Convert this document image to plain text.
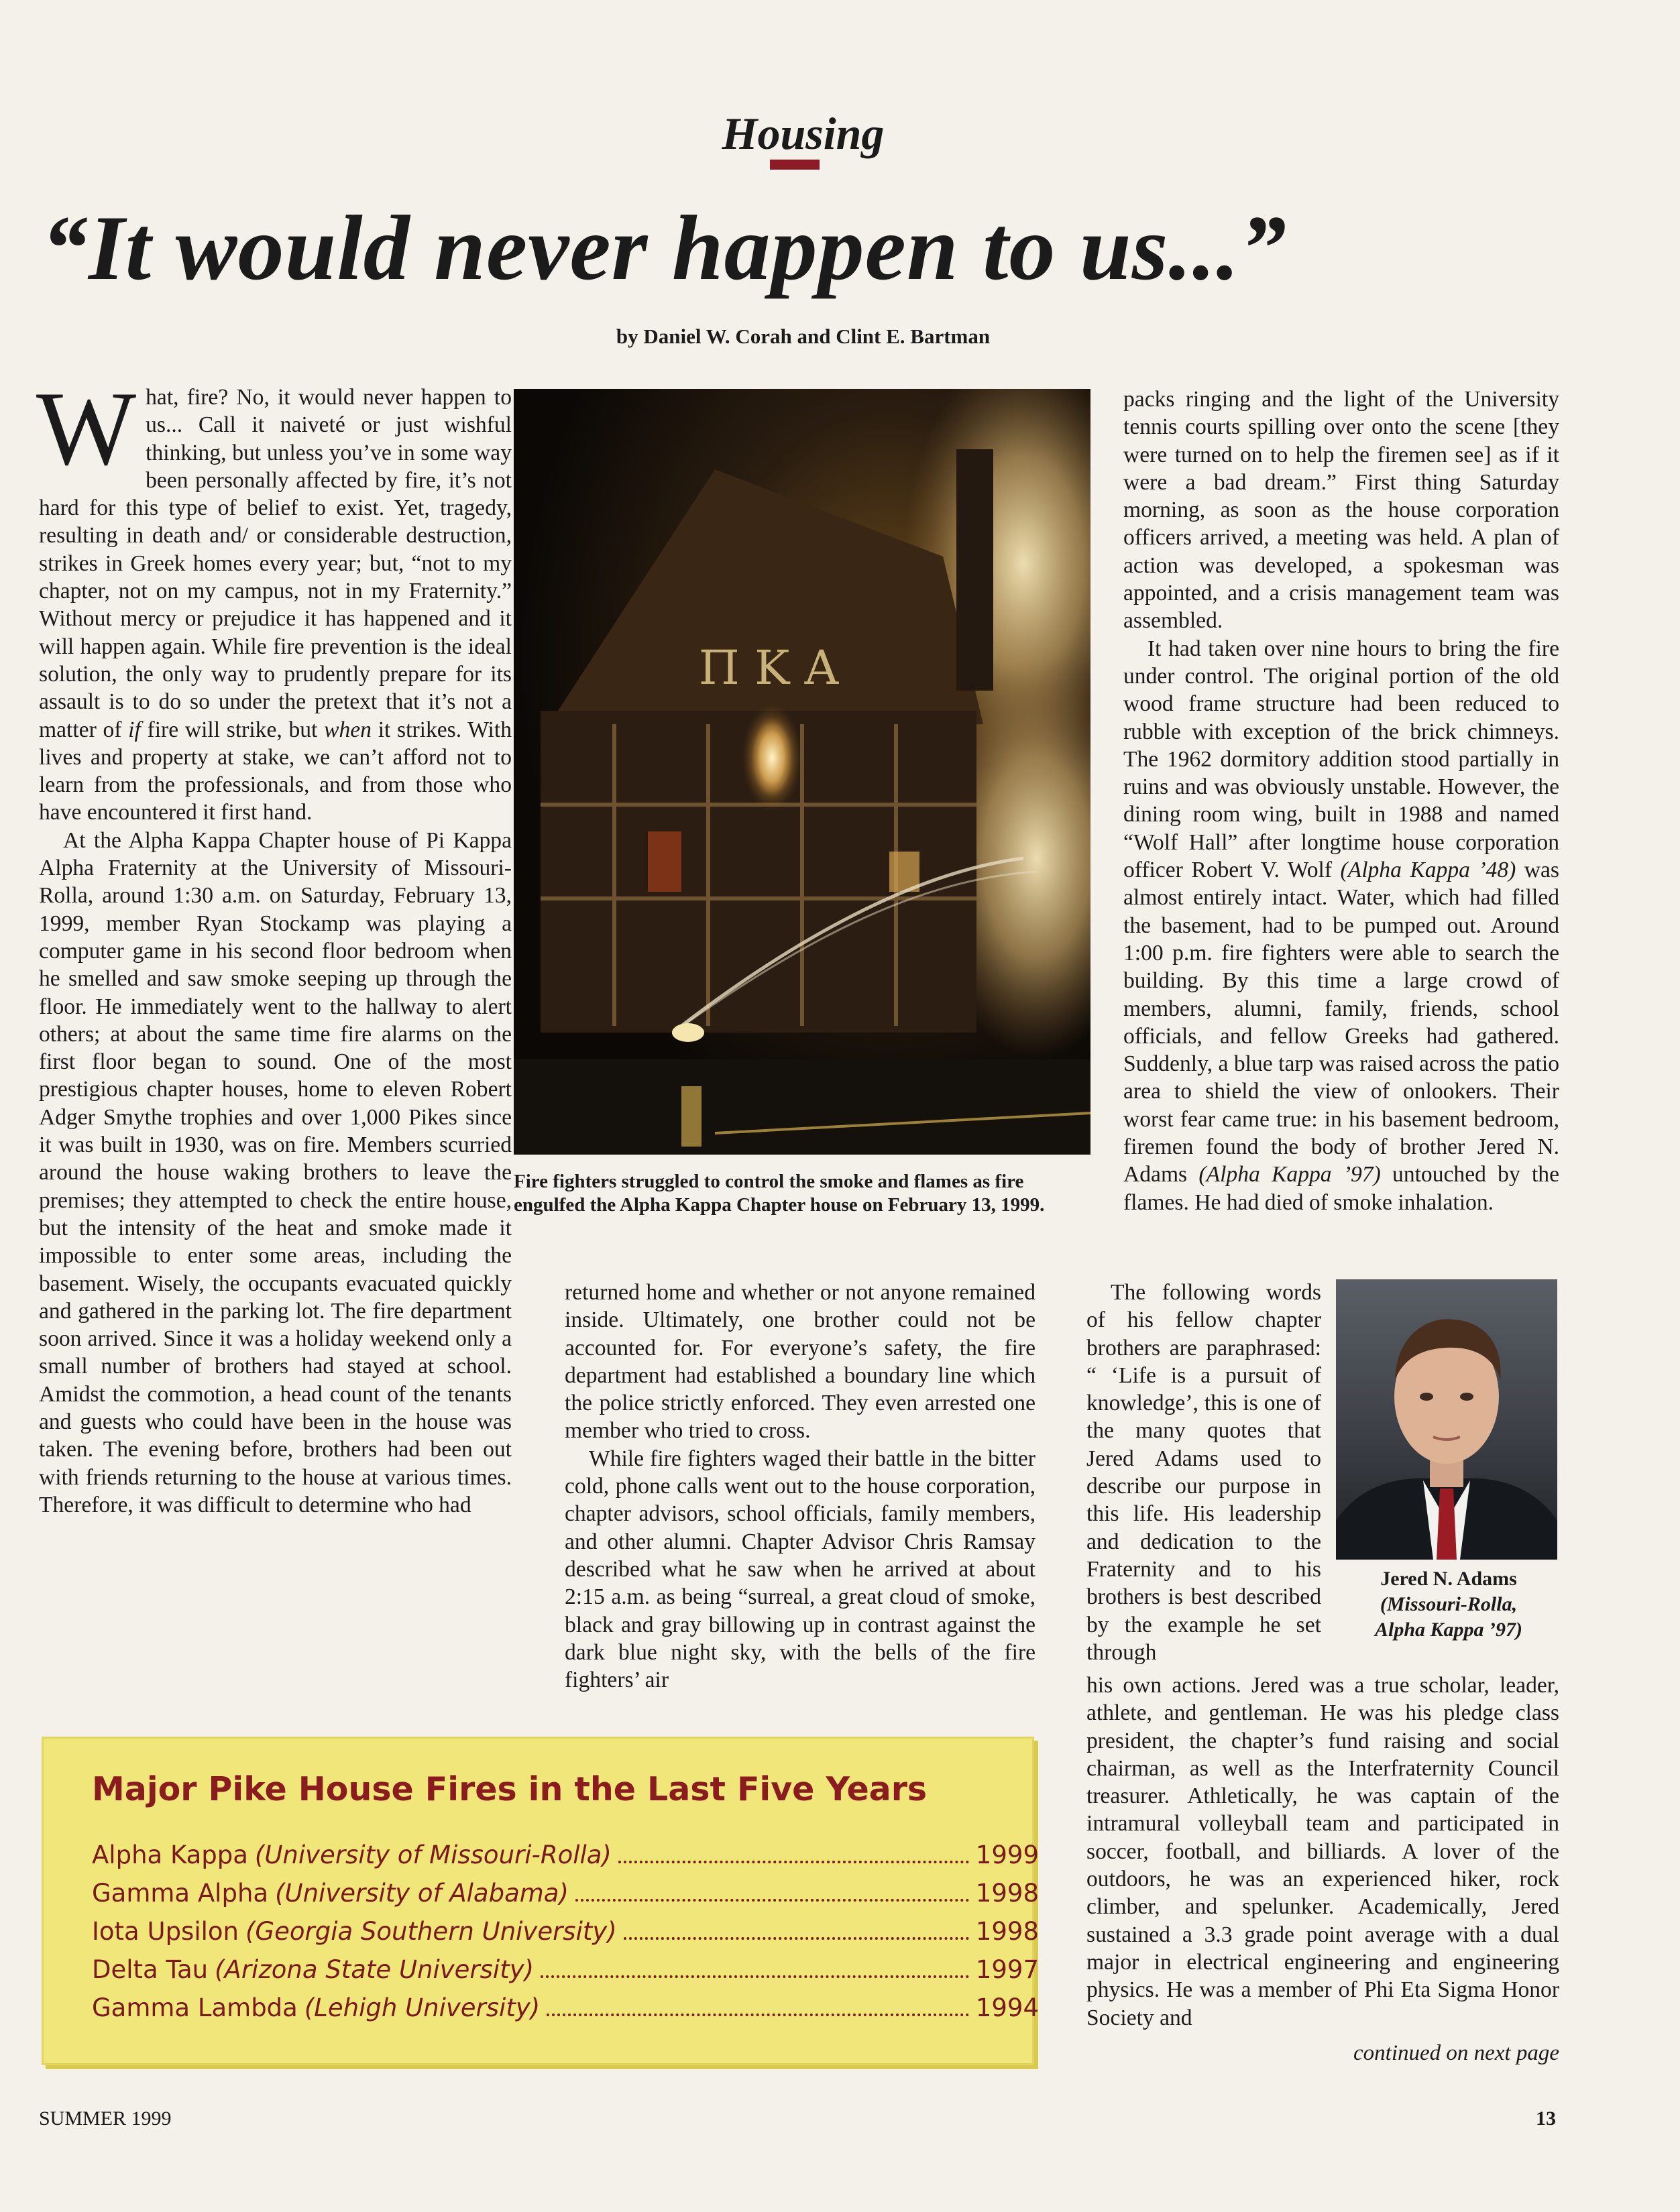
Housing
“It would never happen to us...”
by Daniel W. Corah and Clint E. Bartman

What, fire? No, it would never happen to us... Call it naiveté or just wishful thinking, but unless you’ve in some way been personally affected by fire, it’s not hard for this type of belief to exist. Yet, tragedy, resulting in death and/ or considerable destruction, strikes in Greek homes every year; but, “not to my chapter, not on my campus, not in my Fraternity.” Without mercy or prejudice it has happened and it will happen again. While fire prevention is the ideal solution, the only way to prudently prepare for its assault is to do so under the pretext that it’s not a matter of if fire will strike, but when it strikes. With lives and property at stake, we can’t afford not to learn from the professionals, and from those who have encountered it first hand.

At the Alpha Kappa Chapter house of Pi Kappa Alpha Fraternity at the University of Missouri-Rolla, around 1:30 a.m. on Saturday, February 13, 1999, member Ryan Stockamp was playing a computer game in his second floor bedroom when he smelled and saw smoke seeping up through the floor. He immediately went to the hallway to alert others; at about the same time fire alarms on the first floor began to sound. One of the most prestigious chapter houses, home to eleven Robert Adger Smythe trophies and over 1,000 Pikes since it was built in 1930, was on fire. Members scurried around the house waking brothers to leave the premises; they attempted to check the entire house, but the intensity of the heat and smoke made it impossible to enter some areas, including the basement. Wisely, the occupants evacuated quickly and gathered in the parking lot. The fire department soon arrived. Since it was a holiday weekend only a small number of brothers had stayed at school. Amidst the commotion, a head count of the tenants and guests who could have been in the house was taken. The evening before, brothers had been out with friends returning to the house at various times. Therefore, it was difficult to determine who had

Π K A
Fire fighters struggled to control the smoke and flames as fire engulfed the Alpha Kappa Chapter house on February 13, 1999.

returned home and whether or not anyone remained inside. Ultimately, one brother could not be accounted for. For everyone’s safety, the fire department had established a boundary line which the police strictly enforced. They even arrested one member who tried to cross.

While fire fighters waged their battle in the bitter cold, phone calls went out to the house corporation, chapter advisors, school officials, family members, and other alumni. Chapter Advisor Chris Ramsay described what he saw when he arrived at about 2:15 a.m. as being “surreal, a great cloud of smoke, black and gray billowing up in contrast against the dark blue night sky, with the bells of the fire fighters’ air

packs ringing and the light of the University tennis courts spilling over onto the scene [they were turned on to help the firemen see] as if it were a bad dream.” First thing Saturday morning, as soon as the house corporation officers arrived, a meeting was held. A plan of action was developed, a spokesman was appointed, and a crisis management team was assembled.

It had taken over nine hours to bring the fire under control. The original portion of the old wood frame structure had been reduced to rubble with exception of the brick chimneys. The 1962 dormitory addition stood partially in ruins and was obviously unstable. However, the dining room wing, built in 1988 and named “Wolf Hall” after longtime house corporation officer Robert V. Wolf (Alpha Kappa ’48) was almost entirely intact. Water, which had filled the basement, had to be pumped out. Around 1:00 p.m. fire fighters were able to search the building. By this time a large crowd of members, alumni, family, friends, school officials, and fellow Greeks had gathered. Suddenly, a blue tarp was raised across the patio area to shield the view of onlookers. Their worst fear came true: in his basement bedroom, firemen found the body of brother Jered N. Adams (Alpha Kappa ’97) untouched by the flames. He had died of smoke inhalation.

The following words of his fellow chapter brothers are paraphrased: “ ‘Life is a pursuit of knowledge’, this is one of the many quotes that Jered Adams used to describe our purpose in this life. His leadership and dedication to the Fraternity and to his brothers is best described by the example he set through

his own actions. Jered was a true scholar, leader, athlete, and gentleman. He was his pledge class president, the chapter’s fund raising and social chairman, as well as the Interfraternity Council treasurer. Athletically, he was captain of the intramural volleyball team and participated in soccer, football, and billiards. A lover of the outdoors, he was an experienced hiker, rock climber, and spelunker. Academically, Jered sustained a 3.3 grade point average with a dual major in electrical engineering and engineering physics. He was a member of Phi Eta Sigma Honor Society and

Jered N. Adams
(Missouri-Rolla,
Alpha Kappa ’97)
Major Pike House Fires in the Last Five Years
Alpha Kappa (University of Missouri-Rolla)	1999
Gamma Alpha (University of Alabama)	1998
Iota Upsilon (Georgia Southern University)	1998
Delta Tau (Arizona State University)	1997
Gamma Lambda (Lehigh University)	1994
continued on next page
SUMMER 1999	13
